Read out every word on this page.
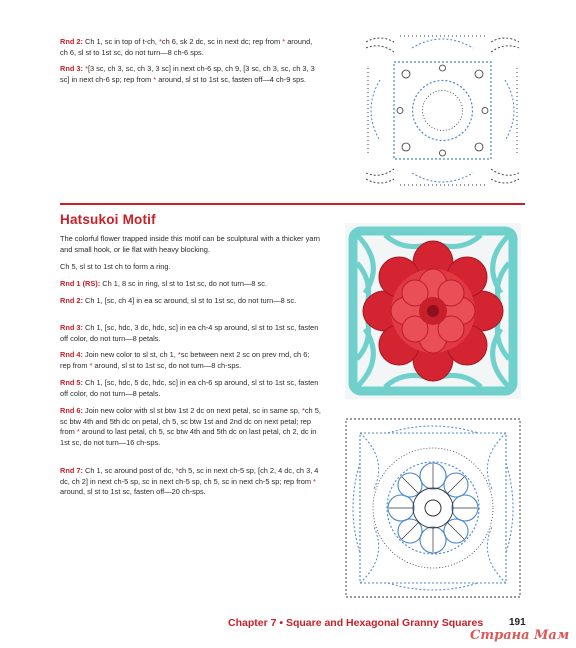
Rnd 2: Ch 1, sc in top of t-ch, *ch 6, sk 2 dc, sc in next dc; rep from * around, ch 6, sl st to 1st sc, do not turn—8 ch-6 sps.

Rnd 3: *[3 sc, ch 3, sc, ch 3, 3 sc] in next ch-6 sp, ch 9, [3 sc, ch 3, sc, ch 3, 3 sc] in next ch-6 sp; rep from * around, sl st to 1st sc, fasten off—4 ch-9 sps.

Hatsukoi Motif

The colorful flower trapped inside this motif can be sculptural with a thicker yarn and small hook, or lie flat with heavy blocking.

Ch 5, sl st to 1st ch to form a ring.

Rnd 1 (RS): Ch 1, 8 sc in ring, sl st to 1st sc, do not turn—8 sc.

Rnd 2: Ch 1, [sc, ch 4] in ea sc around, sl st to 1st sc, do not turn—8 sc.

Rnd 3: Ch 1, [sc, hdc, 3 dc, hdc, sc] in ea ch-4 sp around, sl st to 1st sc, fasten off color, do not turn—8 petals.

Rnd 4: Join new color to sl st, ch 1, *sc between next 2 sc on prev rnd, ch 6; rep from * around, sl st to 1st sc, do not turn—8 ch-sps.

Rnd 5: Ch 1, [sc, hdc, 5 dc, hdc, sc] in ea ch-6 sp around, sl st to 1st sc, fasten off color, do not turn—8 petals.

Rnd 6: Join new color with sl st btw 1st 2 dc on next petal, sc in same sp, *ch 5, sc btw 4th and 5th dc on petal, ch 5, sc btw 1st and 2nd dc on next petal; rep from * around to last petal, ch 5, sc btw 4th and 5th dc on last petal, ch 2, dc in 1st sc, do not turn—16 ch-sps.

Rnd 7: Ch 1, sc around post of dc, *ch 5, sc in next ch-5 sp, [ch 2, 4 dc, ch 3, 4 dc, ch 2] in next ch-5 sp, sc in next ch-5 sp, ch 5, sc in next ch-5 sp; rep from * around, sl st to 1st sc, fasten off—20 ch-sps.

Chapter 7 • Square and Hexagonal Granny Squares	191
Страна Мам
